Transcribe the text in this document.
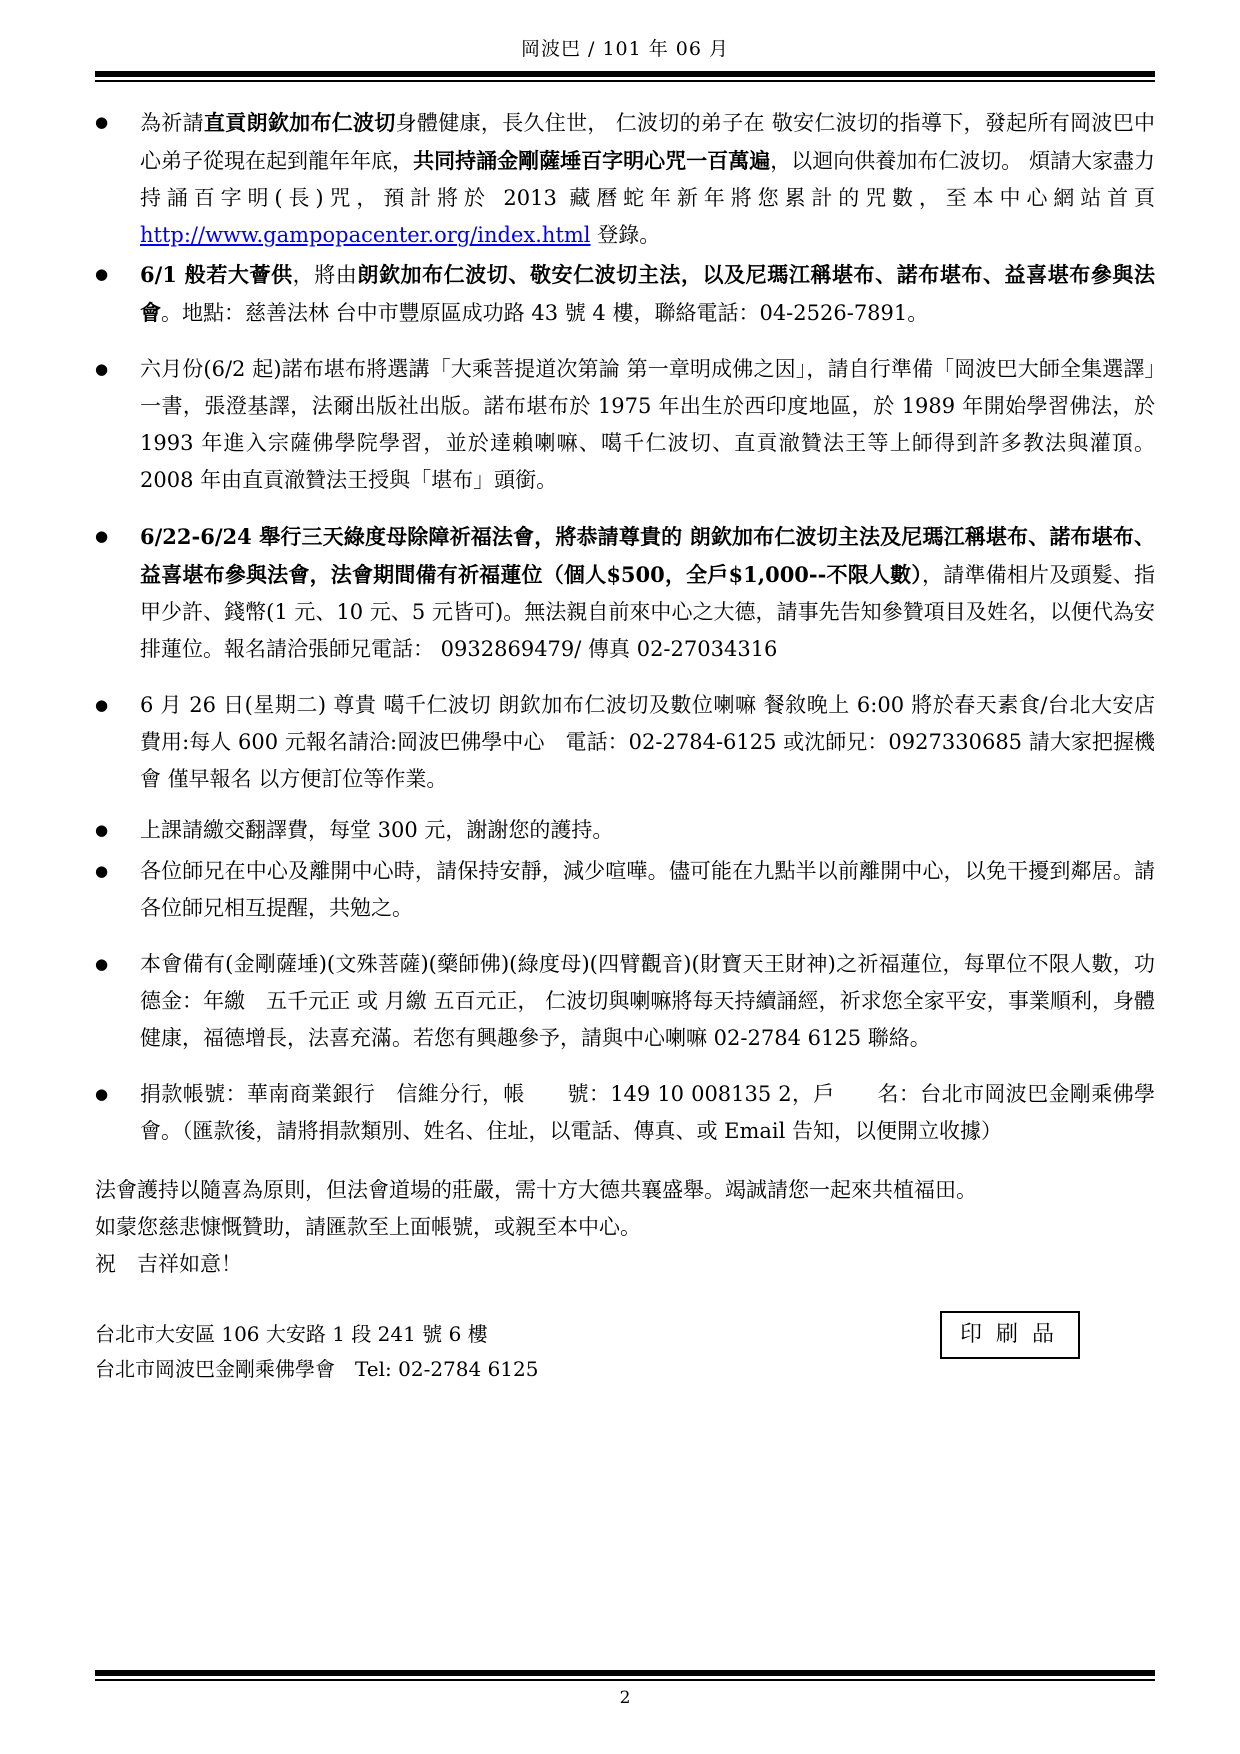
岡波巴 / 101 年 06 月
●	為祈請直貢朗欽加布仁波切身體健康，長久住世， 仁波切的弟子在 敬安仁波切的指導下，發起所有岡波巴中心弟子從現在起到龍年年底，共同持誦金剛薩埵百字明心咒一百萬遍，以迴向供養加布仁波切。 煩請大家盡力持誦百字明(長)咒，預計將於 2013 藏曆蛇年新年將您累計的咒數，至本中心網站首頁 http://www.gampopacenter.org/index.html 登錄。
●	6/1 般若大薈供，將由朗欽加布仁波切、敬安仁波切主法，以及尼瑪江稱堪布、諾布堪布、益喜堪布參與法會。地點：慈善法林 台中市豐原區成功路 43 號 4 樓，聯絡電話：04-2526-7891。
●	六月份(6/2 起)諾布堪布將選講「大乘菩提道次第論 第一章明成佛之因」，請自行準備「岡波巴大師全集選譯」一書，張澄基譯，法爾出版社出版。諾布堪布於 1975 年出生於西印度地區，於 1989 年開始學習佛法，於 1993 年進入宗薩佛學院學習，並於達賴喇嘛、噶千仁波切、直貢澈贊法王等上師得到許多教法與灌頂。2008 年由直貢澈贊法王授與「堪布」頭銜。
●	6/22-6/24 舉行三天綠度母除障祈福法會，將恭請尊貴的 朗欽加布仁波切主法及尼瑪江稱堪布、諾布堪布、益喜堪布參與法會，法會期間備有祈福蓮位（個人$500，全戶$1,000--不限人數），請準備相片及頭髮、指甲少許、錢幣(1 元、10 元、5 元皆可)。無法親自前來中心之大德，請事先告知參贊項目及姓名，以便代為安排蓮位。報名請洽張師兄電話： 0932869479/ 傳真 02-27034316
●	6 月 26 日(星期二) 尊貴 噶千仁波切 朗欽加布仁波切及數位喇嘛 餐敘晚上 6:00 將於春天素食/台北大安店 費用:每人 600 元報名請洽:岡波巴佛學中心　電話：02-2784-6125 或沈師兄：0927330685 請大家把握機會 僅早報名 以方便訂位等作業。
●	上課請繳交翻譯費，每堂 300 元，謝謝您的護持。
●	各位師兄在中心及離開中心時，請保持安靜，減少喧嘩。儘可能在九點半以前離開中心，以免干擾到鄰居。請各位師兄相互提醒，共勉之。
●	本會備有(金剛薩埵)(文殊菩薩)(藥師佛)(綠度母)(四臂觀音)(財寶天王財神)之祈福蓮位，每單位不限人數，功德金：年繳　五千元正 或 月繳 五百元正， 仁波切與喇嘛將每天持續誦經，祈求您全家平安，事業順利，身體健康，福德增長，法喜充滿。若您有興趣參予，請與中心喇嘛 02-2784 6125 聯絡。
●	捐款帳號：華南商業銀行　信維分行，帳　　號：149 10 008135 2，戶　　名：台北市岡波巴金剛乘佛學會。（匯款後，請將捐款類別、姓名、住址，以電話、傳真、或 Email 告知，以便開立收據）

法會護持以隨喜為原則，但法會道場的莊嚴，需十方大德共襄盛舉。竭誠請您一起來共植福田。

如蒙您慈悲慷慨贊助，請匯款至上面帳號，或親至本中心。

祝　吉祥如意！

台北市大安區 106 大安路 1 段 241 號 6 樓
台北市岡波巴金剛乘佛學會　Tel: 02-2784 6125
印刷品
2
